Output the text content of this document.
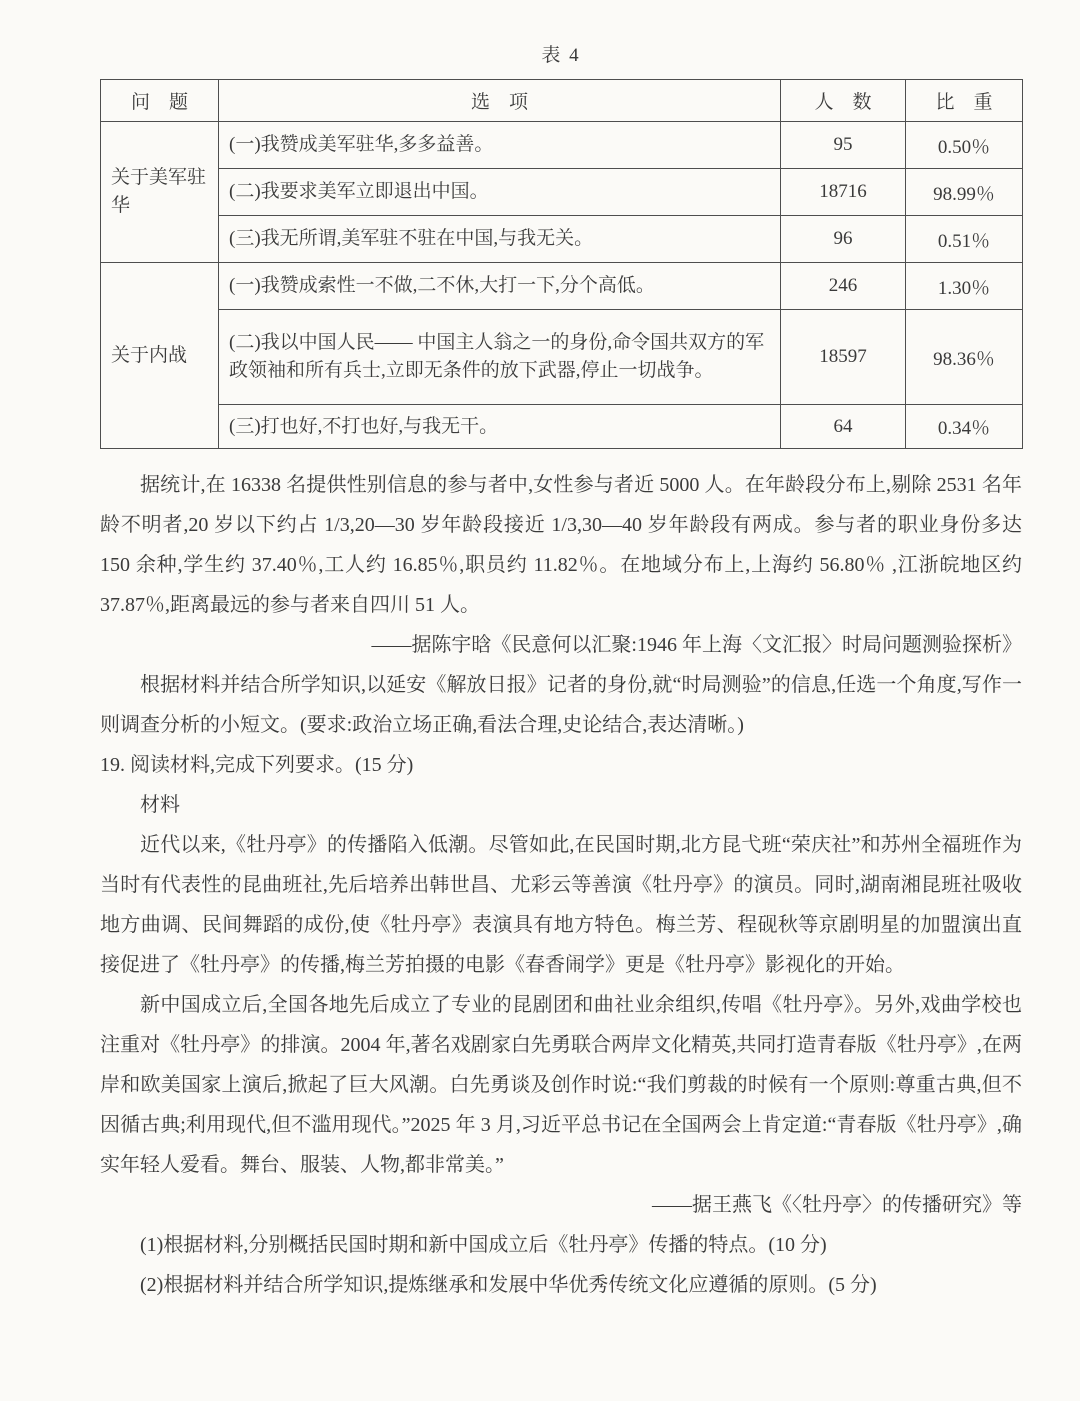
表 4
问　题	选　项	人　数	比　重
关于美军驻华	(一)我赞成美军驻华,多多益善。	95	0.50％
	(二)我要求美军立即退出中国。	18716	98.99％
	(三)我无所谓,美军驻不驻在中国,与我无关。	96	0.51％
关于内战	(一)我赞成索性一不做,二不休,大打一下,分个高低。	246	1.30％
	(二)我以中国人民—— 中国主人翁之一的身份,命令国共双方的军政领袖和所有兵士,立即无条件的放下武器,停止一切战争。	18597	98.36％
	(三)打也好,不打也好,与我无干。	64	0.34％

据统计,在 16338 名提供性别信息的参与者中,女性参与者近 5000 人。在年龄段分布上,剔除 2531 名年龄不明者,20 岁以下约占 1/3,20—30 岁年龄段接近 1/3,30—40 岁年龄段有两成。参与者的职业身份多达 150 余种,学生约 37.40％,工人约 16.85％,职员约 11.82％。在地域分布上,上海约 56.80％ ,江浙皖地区约 37.87％,距离最远的参与者来自四川 51 人。

——据陈宇晗《民意何以汇聚:1946 年上海〈文汇报〉时局问题测验探析》

根据材料并结合所学知识,以延安《解放日报》记者的身份,就“时局测验”的信息,任选一个角度,写作一则调查分析的小短文。(要求:政治立场正确,看法合理,史论结合,表达清晰。)

19. 阅读材料,完成下列要求。(15 分)

材料

近代以来,《牡丹亭》的传播陷入低潮。尽管如此,在民国时期,北方昆弋班“荣庆社”和苏州全福班作为当时有代表性的昆曲班社,先后培养出韩世昌、尤彩云等善演《牡丹亭》的演员。同时,湖南湘昆班社吸收地方曲调、民间舞蹈的成份,使《牡丹亭》表演具有地方特色。梅兰芳、程砚秋等京剧明星的加盟演出直接促进了《牡丹亭》的传播,梅兰芳拍摄的电影《春香闹学》更是《牡丹亭》影视化的开始。

新中国成立后,全国各地先后成立了专业的昆剧团和曲社业余组织,传唱《牡丹亭》。另外,戏曲学校也注重对《牡丹亭》的排演。2004 年,著名戏剧家白先勇联合两岸文化精英,共同打造青春版《牡丹亭》,在两岸和欧美国家上演后,掀起了巨大风潮。白先勇谈及创作时说:“我们剪裁的时候有一个原则:尊重古典,但不因循古典;利用现代,但不滥用现代。”2025 年 3 月,习近平总书记在全国两会上肯定道:“青春版《牡丹亭》,确实年轻人爱看。舞台、服装、人物,都非常美。”

——据王燕飞《〈牡丹亭〉的传播研究》等

(1)根据材料,分别概括民国时期和新中国成立后《牡丹亭》传播的特点。(10 分)

(2)根据材料并结合所学知识,提炼继承和发展中华优秀传统文化应遵循的原则。(5 分)
